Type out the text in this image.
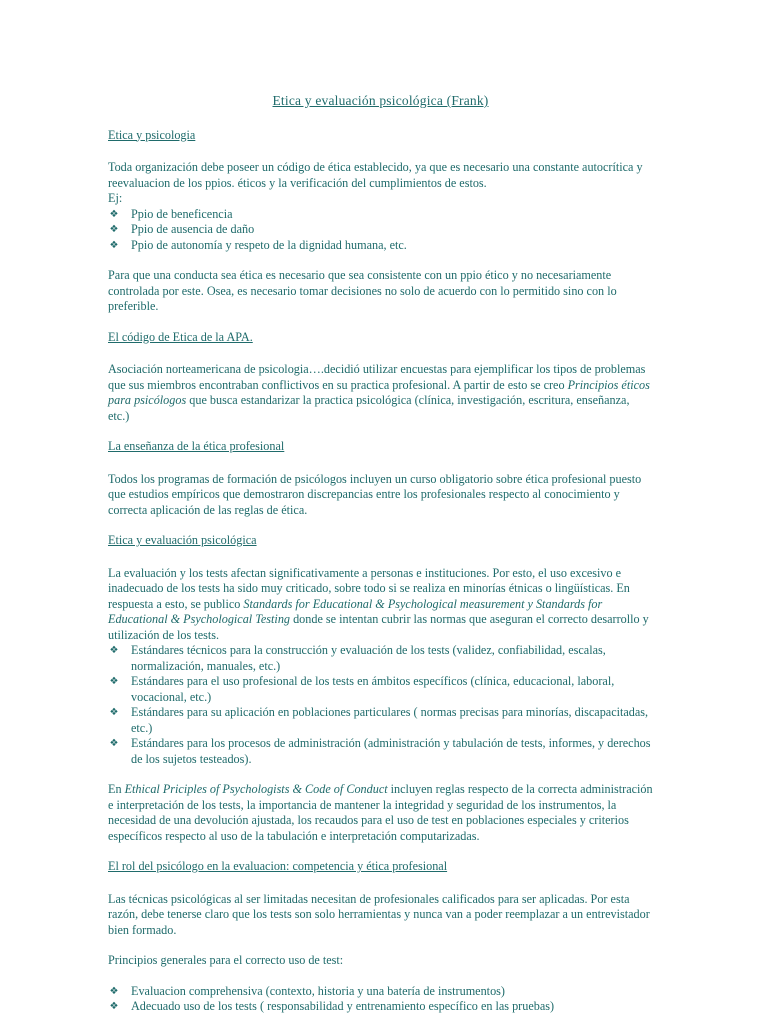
Etica y evaluación psicológica (Frank)
Etica y psicologia

Toda organización debe poseer un código de ética establecido, ya que es necesario una constante autocrítica y reevaluacion de los ppios. éticos y la verificación del cumplimientos de estos.

Ej:

❖ Ppio de beneficencia
❖ Ppio de ausencia de daño
❖ Ppio de autonomía y respeto de la dignidad humana, etc.

Para que una conducta sea ética es necesario que sea consistente con un ppio ético y no necesariamente controlada por este. Osea, es necesario tomar decisiones no solo de acuerdo con lo permitido sino con lo preferible.

El código de Etica de la APA.

Asociación norteamericana de psicologia….decidió utilizar encuestas para ejemplificar los tipos de problemas que sus miembros encontraban conflictivos en su practica profesional. A partir de esto se creo Principios éticos para psicólogos que busca estandarizar la practica psicológica (clínica, investigación, escritura, enseñanza, etc.)

La enseñanza de la ética profesional

Todos los programas de formación de psicólogos incluyen un curso obligatorio sobre ética profesional puesto que estudios empíricos que demostraron discrepancias entre los profesionales respecto al conocimiento y correcta aplicación de las reglas de ética.

Etica y evaluación psicológica

La evaluación y los tests afectan significativamente a personas e instituciones. Por esto, el uso excesivo e inadecuado de los tests ha sido muy criticado, sobre todo si se realiza en minorías étnicas o lingüísticas. En respuesta a esto, se publico Standards for Educational & Psychological measurement y Standards for Educational & Psychological Testing donde se intentan cubrir las normas que aseguran el correcto desarrollo y utilización de los tests.

❖ Estándares técnicos para la construcción y evaluación de los tests (validez, confiabilidad, escalas, normalización, manuales, etc.)
❖ Estándares para el uso profesional de los tests en ámbitos específicos (clínica, educacional, laboral, vocacional, etc.)
❖ Estándares para su aplicación en poblaciones particulares ( normas precisas para minorías, discapacitadas, etc.)
❖ Estándares para los procesos de administración (administración y tabulación de tests, informes, y derechos de los sujetos testeados).

En Ethical Priciples of Psychologists & Code of Conduct incluyen reglas respecto de la correcta administración e interpretación de los tests, la importancia de mantener la integridad y seguridad de los instrumentos, la necesidad de una devolución ajustada, los recaudos para el uso de test en poblaciones especiales y criterios específicos respecto al uso de la tabulación e interpretación computarizadas.

El rol del psicólogo en la evaluacion: competencia y ética profesional

Las técnicas psicológicas al ser limitadas necesitan de profesionales calificados para ser aplicadas. Por esta razón, debe tenerse claro que los tests son solo herramientas y nunca van a poder reemplazar a un entrevistador bien formado.

Principios generales para el correcto uso de test:

❖ Evaluacion comprehensiva (contexto, historia y una batería de instrumentos)
❖ Adecuado uso de los tests ( responsabilidad y entrenamiento específico en las pruebas)
